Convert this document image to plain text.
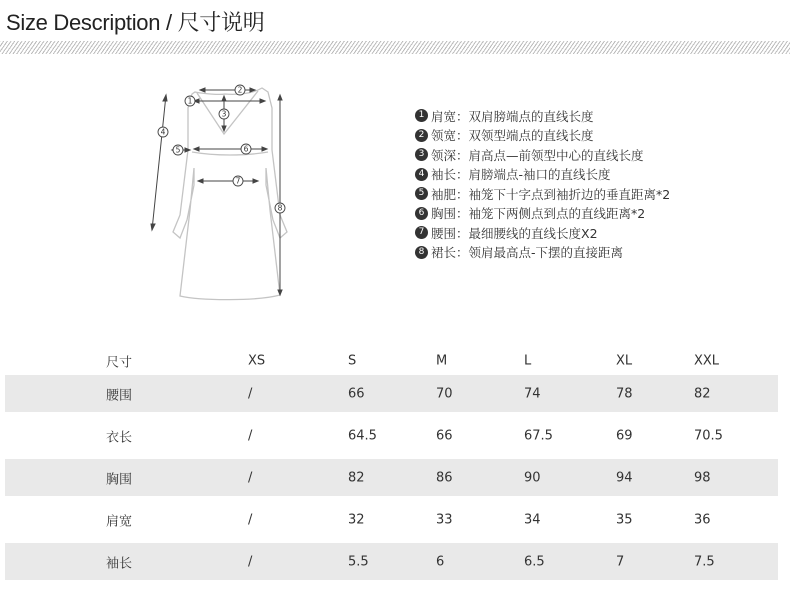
Size Description / 尺寸说明
1
2
3
4
5	6
7
8
1 肩宽：双肩膀端点的直线长度
2 领宽：双领型端点的直线长度
3 领深：肩高点—前领型中心的直线长度
4 袖长：肩膀端点-袖口的直线长度
5 袖肥：袖笼下十字点到袖折边的垂直距离*2
6 胸围：袖笼下两侧点到点的直线距离*2
7 腰围：最细腰线的直线长度X2
8 裙长：领肩最高点-下摆的直接距离
尺寸	XS	S	M	L	XL	XXL
腰围	/	66	70	74	78	82
衣长	/	64.5	66	67.5	69	70.5
胸围	/	82	86	90	94	98
肩宽	/	32	33	34	35	36
袖长	/	5.5	6	6.5	7	7.5
